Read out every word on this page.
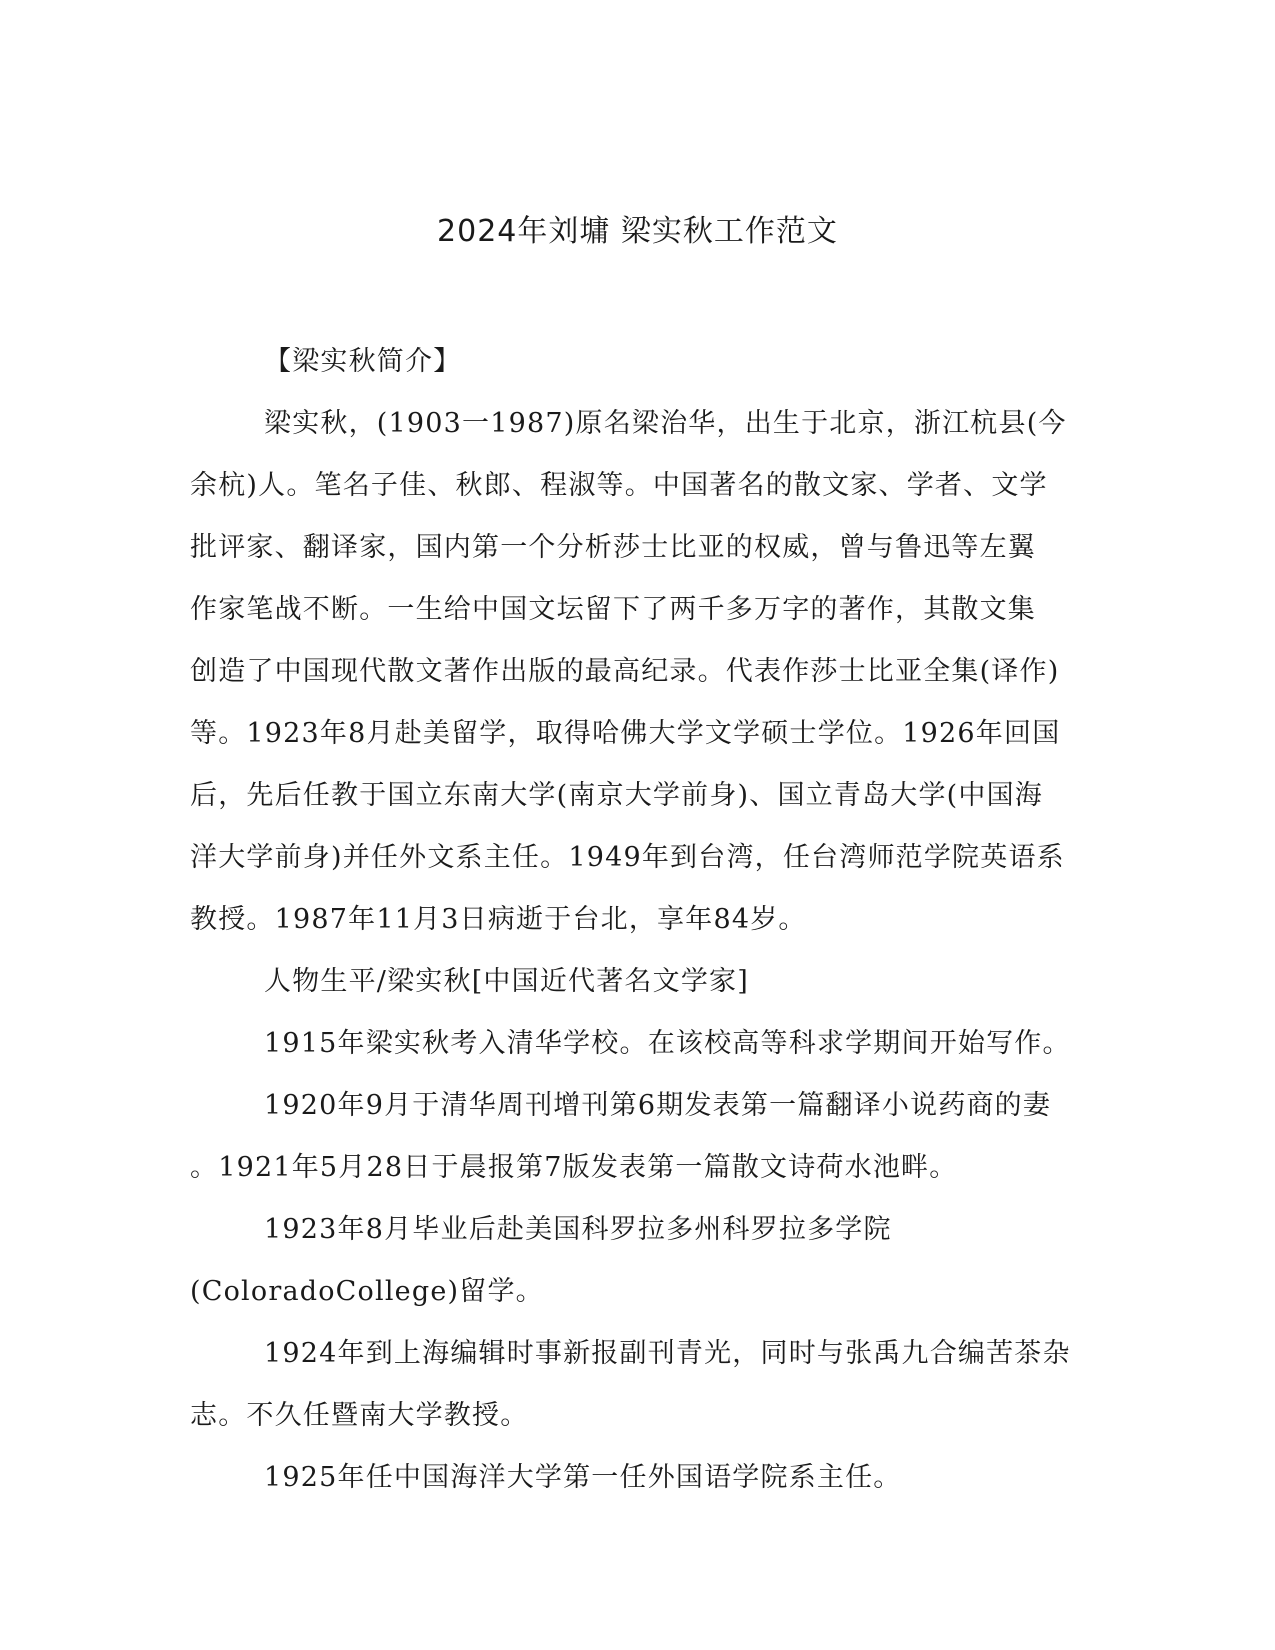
2024年刘墉 梁实秋工作范文
【梁实秋简介】
梁实秋，(1903一1987)原名梁治华，出生于北京，浙江杭县(今
余杭)人。笔名子佳、秋郎、程淑等。中国著名的散文家、学者、文学
批评家、翻译家，国内第一个分析莎士比亚的权威，曾与鲁迅等左翼
作家笔战不断。一生给中国文坛留下了两千多万字的著作，其散文集
创造了中国现代散文著作出版的最高纪录。代表作莎士比亚全集(译作)
等。1923年8月赴美留学，取得哈佛大学文学硕士学位。1926年回国
后，先后任教于国立东南大学(南京大学前身)、国立青岛大学(中国海
洋大学前身)并任外文系主任。1949年到台湾，任台湾师范学院英语系
教授。1987年11月3日病逝于台北，享年84岁。
人物生平/梁实秋[中国近代著名文学家]
1915年梁实秋考入清华学校。在该校高等科求学期间开始写作。
1920年9月于清华周刊增刊第6期发表第一篇翻译小说药商的妻
。1921年5月28日于晨报第7版发表第一篇散文诗荷水池畔。
1923年8月毕业后赴美国科罗拉多州科罗拉多学院
(ColoradoCollege)留学。
1924年到上海编辑时事新报副刊青光，同时与张禹九合编苦茶杂
志。不久任暨南大学教授。
1925年任中国海洋大学第一任外国语学院系主任。
